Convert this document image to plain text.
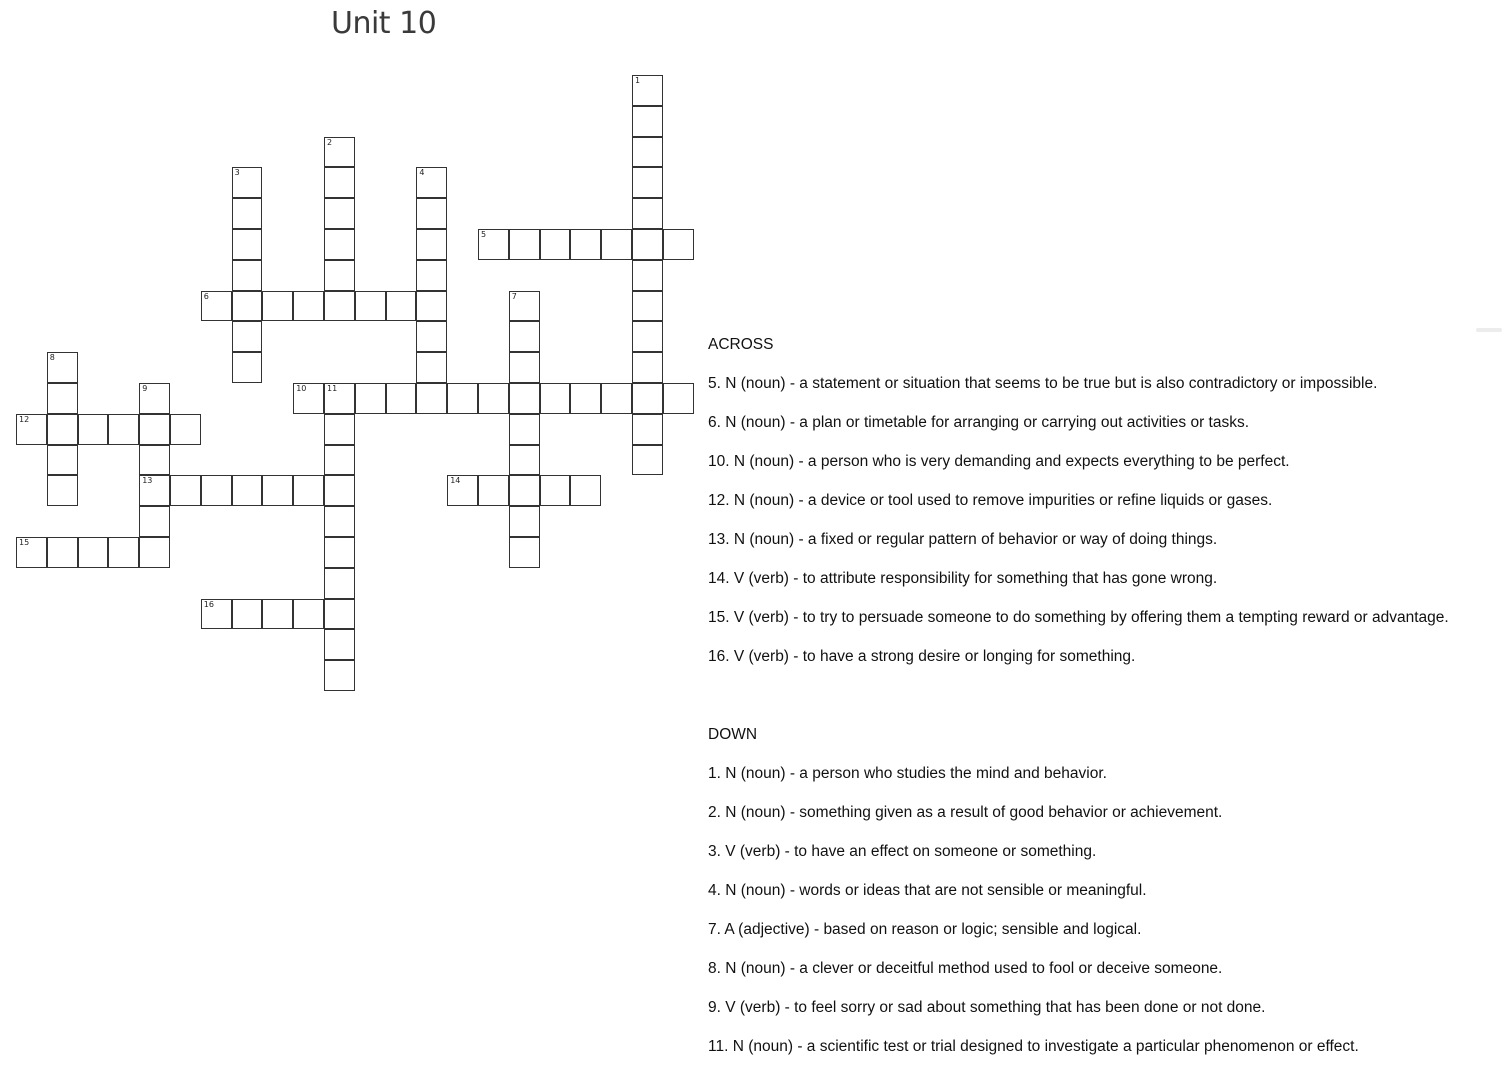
Unit 10
1
2
3	4
5
6	7
8
9
13
10	11
12
14
15
16
ACROSS
5. N (noun) - a statement or situation that seems to be true but is also contradictory or impossible.
6. N (noun) - a plan or timetable for arranging or carrying out activities or tasks.
10. N (noun) - a person who is very demanding and expects everything to be perfect.
12. N (noun) - a device or tool used to remove impurities or refine liquids or gases.
13. N (noun) - a fixed or regular pattern of behavior or way of doing things.
14. V (verb) - to attribute responsibility for something that has gone wrong.
15. V (verb) - to try to persuade someone to do something by offering them a tempting reward or advantage.
16. V (verb) - to have a strong desire or longing for something.
DOWN
1. N (noun) - a person who studies the mind and behavior.
2. N (noun) - something given as a result of good behavior or achievement.
3. V (verb) - to have an effect on someone or something.
4. N (noun) - words or ideas that are not sensible or meaningful.
7. A (adjective) - based on reason or logic; sensible and logical.
8. N (noun) - a clever or deceitful method used to fool or deceive someone.
9. V (verb) - to feel sorry or sad about something that has been done or not done.
11. N (noun) - a scientific test or trial designed to investigate a particular phenomenon or effect.
